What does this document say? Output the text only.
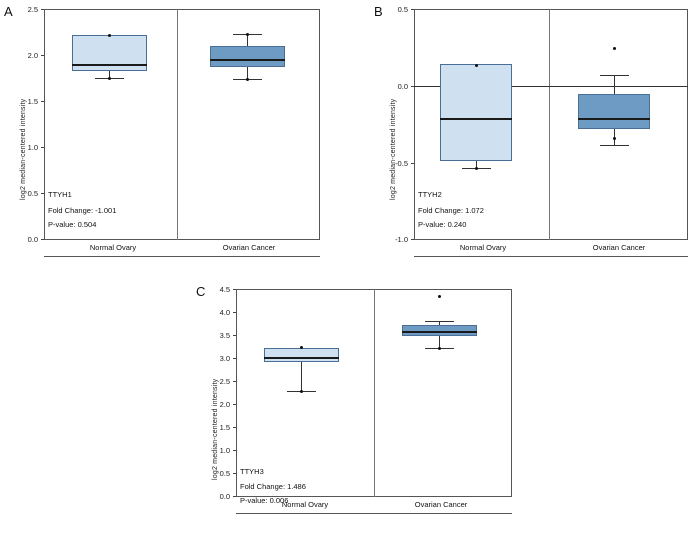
A
log2 median-centered intensity
2.5
2.0
1.5
1.0
0.5
0.0
TTYH1
Fold Change: -1.001
P-value: 0.504
Normal Ovary	Ovarian Cancer
B
log2 median-centered intensity
0.5
0.0
-0.5
-1.0
TTYH2
Fold Change: 1.072
P-value: 0.240
Normal Ovary	Ovarian Cancer
C
log2 median-centered intensity
4.5
4.0
3.5
3.0
2.5
2.0
1.5
1.0
0.5
0.0
TTYH3
Fold Change: 1.486
P-value: 0.006
Normal Ovary	Ovarian Cancer
